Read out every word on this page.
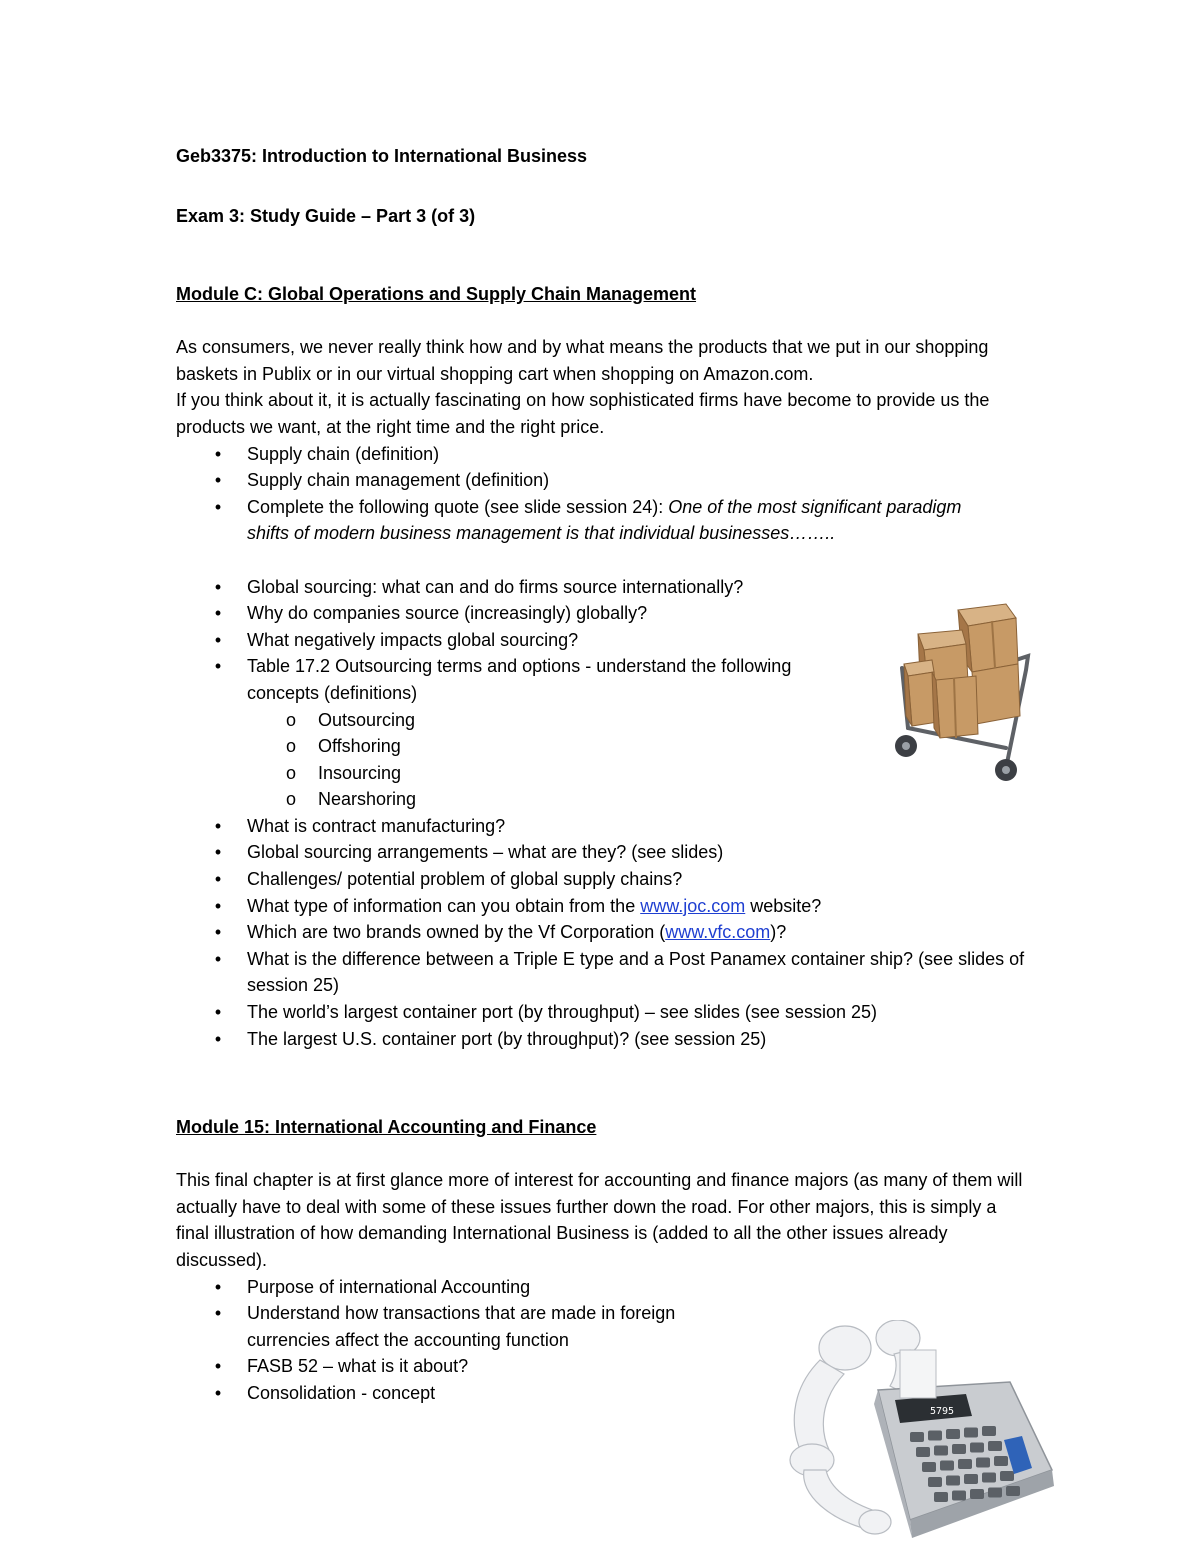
Geb3375: Introduction to International Business
Exam 3: Study Guide – Part 3 (of 3)

Module C: Global Operations and Supply Chain Management

As consumers, we never really think how and by what means the products that we put in our shopping baskets in Publix or in our virtual shopping cart when shopping on Amazon.com.

If you think about it, it is actually fascinating on how sophisticated firms have become to provide us the products we want, at the right time and the right price.

• Supply chain (definition)
• Supply chain management (definition)
• Complete the following quote (see slide session 24): One of the most significant paradigm shifts of modern business management is that individual businesses……..
• Global sourcing: what can and do firms source internationally?
• Why do companies source (increasingly) globally?
• What negatively impacts global sourcing?
• Table 17.2 Outsourcing terms and options - understand the following concepts (definitions)
o Outsourcing
o Offshoring
o Insourcing
o Nearshoring
• What is contract manufacturing?
• Global sourcing arrangements – what are they? (see slides)
• Challenges/ potential problem of global supply chains?
• What type of information can you obtain from the www.joc.com website?
• Which are two brands owned by the Vf Corporation (www.vfc.com)?
• What is the difference between a Triple E type and a Post Panamex container ship? (see slides of session 25)
• The world’s largest container port (by throughput) – see slides (see session 25)
• The largest U.S. container port (by throughput)? (see session 25)

Module 15: International Accounting and Finance

This final chapter is at first glance more of interest for accounting and finance majors (as many of them will actually have to deal with some of these issues further down the road. For other majors, this is simply a final illustration of how demanding International Business is (added to all the other issues already discussed).

• Purpose of international Accounting
• Understand how transactions that are made in foreign currencies affect the accounting function
• FASB 52 – what is it about?
• Consolidation - concept
5795
